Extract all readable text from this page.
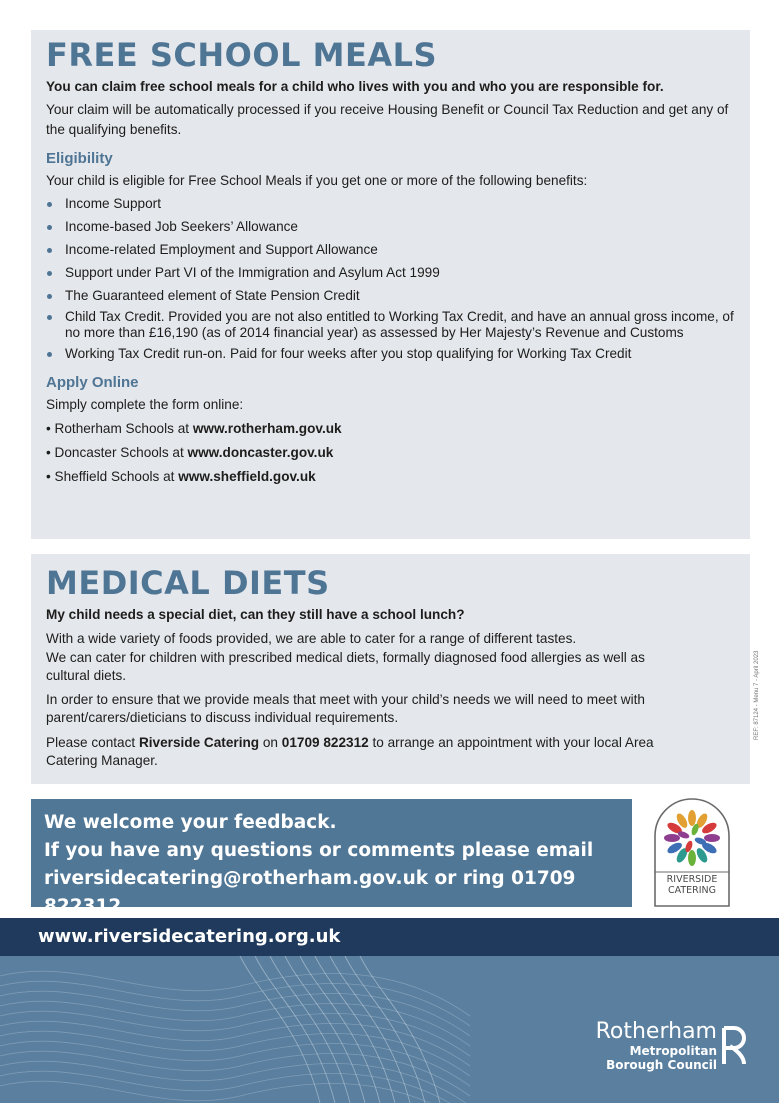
FREE SCHOOL MEALS
You can claim free school meals for a child who lives with you and who you are responsible for.
Your claim will be automatically processed if you receive Housing Benefit or Council Tax Reduction and get any of the qualifying benefits.
Eligibility
Your child is eligible for Free School Meals if you get one or more of the following benefits:
Income Support
Income-based Job Seekers’ Allowance
Income-related Employment and Support Allowance
Support under Part VI of the Immigration and Asylum Act 1999
The Guaranteed element of State Pension Credit
Child Tax Credit. Provided you are not also entitled to Working Tax Credit, and have an annual gross income, of no more than £16,190 (as of 2014 financial year) as assessed by Her Majesty’s Revenue and Customs
Working Tax Credit run-on. Paid for four weeks after you stop qualifying for Working Tax Credit
Apply Online
Simply complete the form online:
• Rotherham Schools at www.rotherham.gov.uk
• Doncaster Schools at www.doncaster.gov.uk
• Sheffield Schools at www.sheffield.gov.uk
MEDICAL DIETS
My child needs a special diet, can they still have a school lunch?
With a wide variety of foods provided, we are able to cater for a range of different tastes.
We can cater for children with prescribed medical diets, formally diagnosed food allergies as well as cultural diets.
In order to ensure that we provide meals that meet with your child’s needs we will need to meet with parent/carers/dieticians to discuss individual requirements.
Please contact Riverside Catering on 01709 822312 to arrange an appointment with your local Area Catering Manager.
REF: 87124 - Menu 7 - April 2023
We welcome your feedback.
If you have any questions or comments please email
riversidecatering@rotherham.gov.uk or ring 01709 822312
RIVERSIDE
CATERING
www.riversidecatering.org.uk
Rotherham
Metropolitan
Borough Council
